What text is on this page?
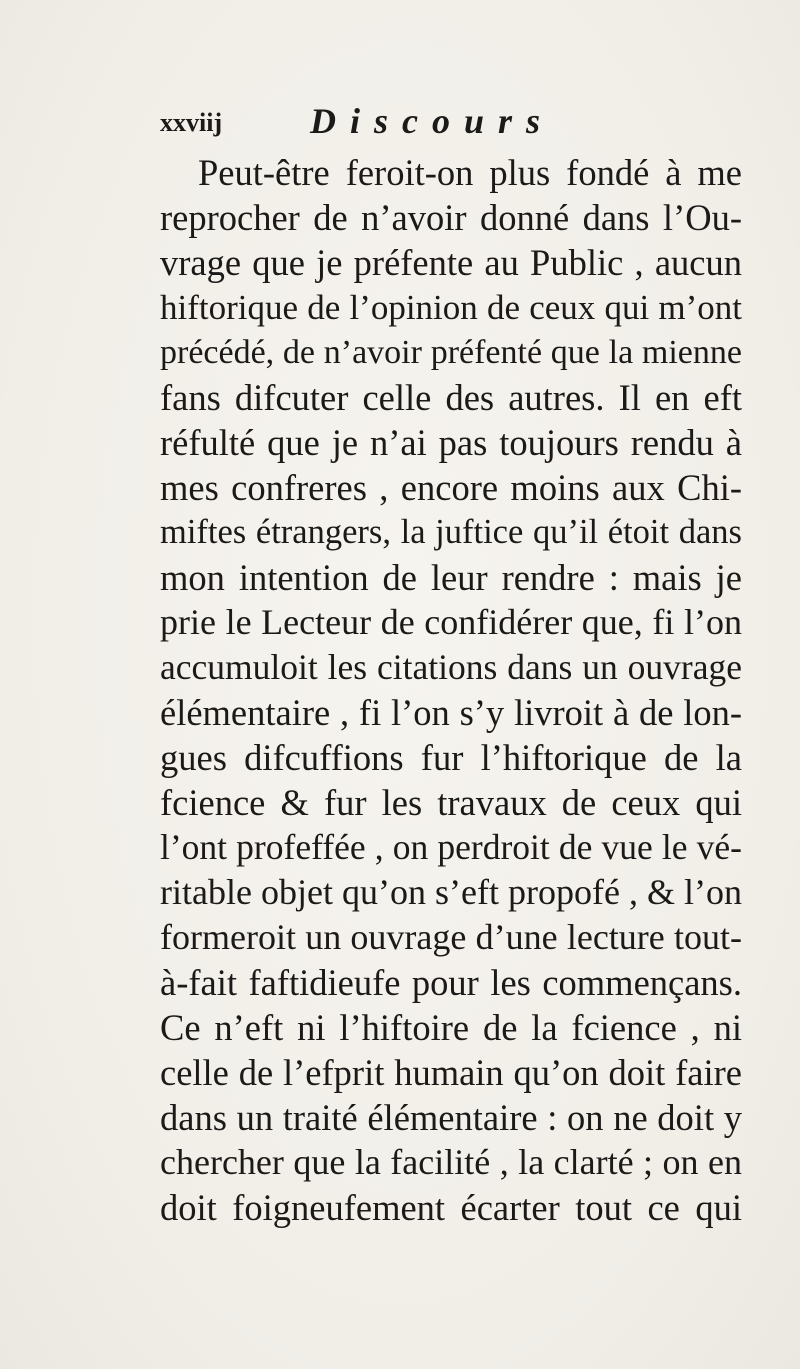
xxviij Discours
Peut-être feroit-on plus fondé à me
reprocher de n’avoir donné dans l’Ou-
vrage que je préfente au Public , aucun
hiftorique de l’opinion de ceux qui m’ont
précédé, de n’avoir préfenté que la mienne
fans difcuter celle des autres. Il en eft
réfulté que je n’ai pas toujours rendu à
mes confreres , encore moins aux Chi-
miftes étrangers, la juftice qu’il étoit dans
mon intention de leur rendre : mais je
prie le Lecteur de confidérer que, fi l’on
accumuloit les citations dans un ouvrage
élémentaire , fi l’on s’y livroit à de lon-
gues difcuffions fur l’hiftorique de la
fcience & fur les travaux de ceux qui
l’ont profeffée , on perdroit de vue le vé-
ritable objet qu’on s’eft propofé , & l’on
formeroit un ouvrage d’une lecture tout-
à-fait faftidieufe pour les commençans.
Ce n’eft ni l’hiftoire de la fcience , ni
celle de l’efprit humain qu’on doit faire
dans un traité élémentaire : on ne doit y
chercher que la facilité , la clarté ; on en
doit foigneufement écarter tout ce qui
